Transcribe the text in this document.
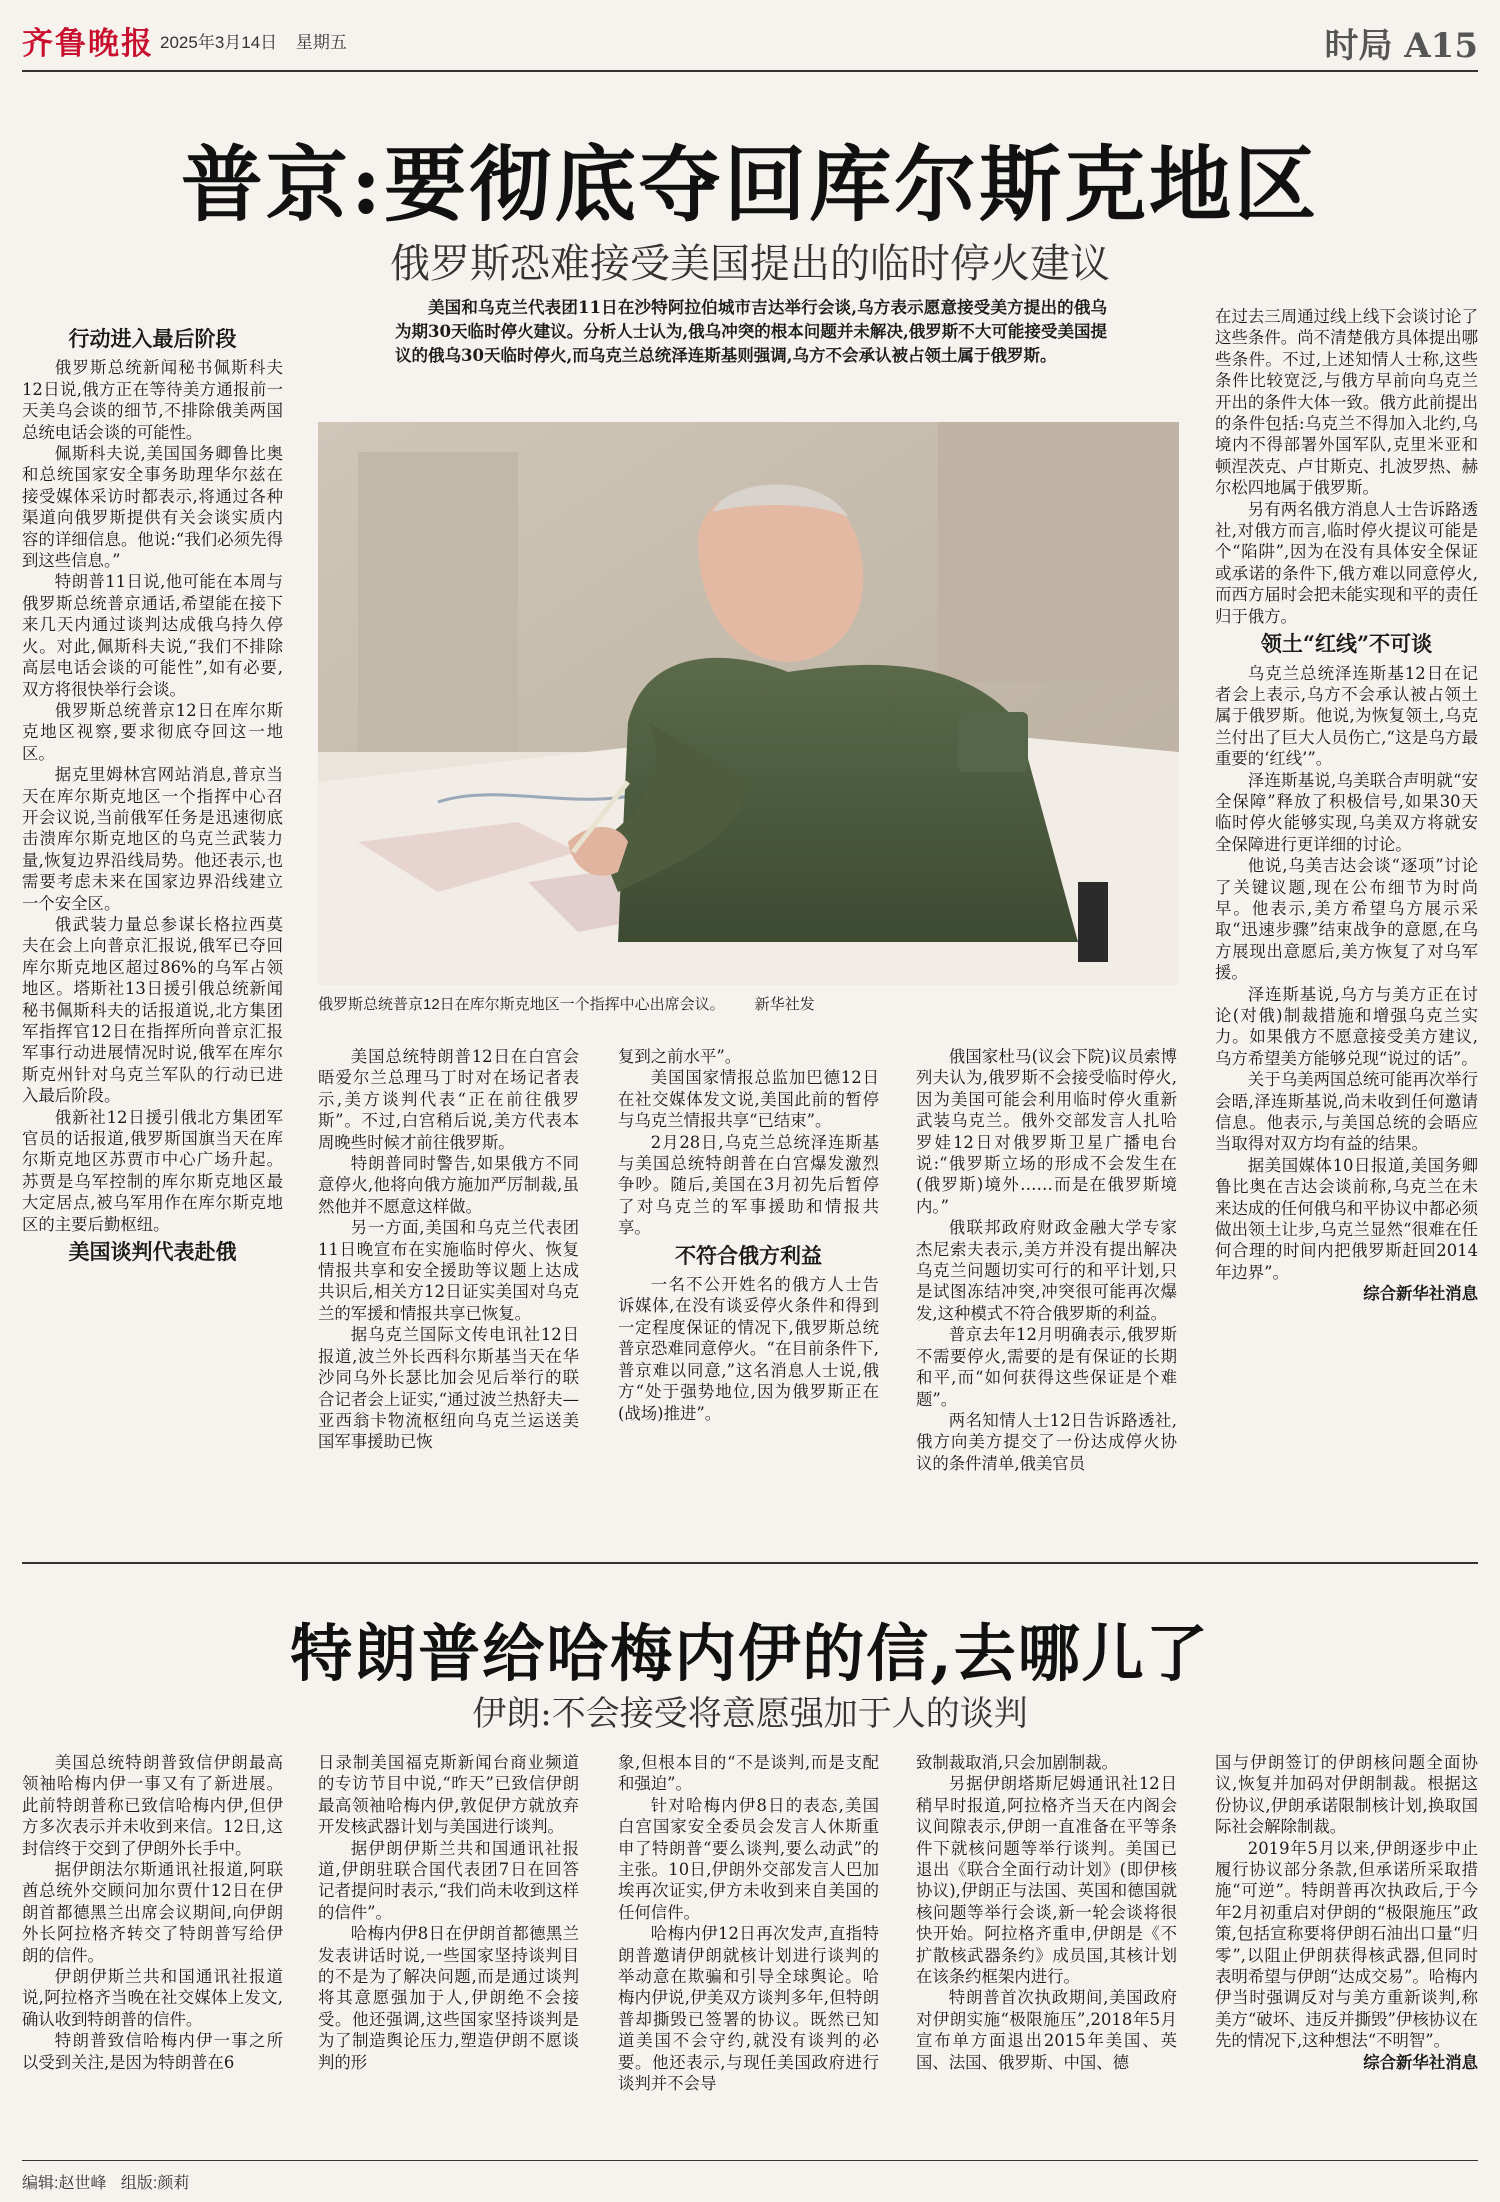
齐鲁晚报 2025年3月14日 星期五	时局 A15
普京:要彻底夺回库尔斯克地区
俄罗斯恐难接受美国提出的临时停火建议

美国和乌克兰代表团11日在沙特阿拉伯城市吉达举行会谈,乌方表示愿意接受美方提出的俄乌为期30天临时停火建议。分析人士认为,俄乌冲突的根本问题并未解决,俄罗斯不大可能接受美国提议的俄乌30天临时停火,而乌克兰总统泽连斯基则强调,乌方不会承认被占领土属于俄罗斯。

俄罗斯总统普京12日在库尔斯克地区一个指挥中心出席会议。 新华社发
行动进入最后阶段

俄罗斯总统新闻秘书佩斯科夫12日说,俄方正在等待美方通报前一天美乌会谈的细节,不排除俄美两国总统电话会谈的可能性。

佩斯科夫说,美国国务卿鲁比奥和总统国家安全事务助理华尔兹在接受媒体采访时都表示,将通过各种渠道向俄罗斯提供有关会谈实质内容的详细信息。他说:“我们必须先得到这些信息。”

特朗普11日说,他可能在本周与俄罗斯总统普京通话,希望能在接下来几天内通过谈判达成俄乌持久停火。对此,佩斯科夫说,“我们不排除高层电话会谈的可能性”,如有必要,双方将很快举行会谈。

俄罗斯总统普京12日在库尔斯克地区视察,要求彻底夺回这一地区。

据克里姆林宫网站消息,普京当天在库尔斯克地区一个指挥中心召开会议说,当前俄军任务是迅速彻底击溃库尔斯克地区的乌克兰武装力量,恢复边界沿线局势。他还表示,也需要考虑未来在国家边界沿线建立一个安全区。

俄武装力量总参谋长格拉西莫夫在会上向普京汇报说,俄军已夺回库尔斯克地区超过86%的乌军占领地区。塔斯社13日援引俄总统新闻秘书佩斯科夫的话报道说,北方集团军指挥官12日在指挥所向普京汇报军事行动进展情况时说,俄军在库尔斯克州针对乌克兰军队的行动已进入最后阶段。

俄新社12日援引俄北方集团军官员的话报道,俄罗斯国旗当天在库尔斯克地区苏贾市中心广场升起。苏贾是乌军控制的库尔斯克地区最大定居点,被乌军用作在库尔斯克地区的主要后勤枢纽。

美国谈判代表赴俄

美国总统特朗普12日在白宫会晤爱尔兰总理马丁时对在场记者表示,美方谈判代表“正在前往俄罗斯”。不过,白宫稍后说,美方代表本周晚些时候才前往俄罗斯。

特朗普同时警告,如果俄方不同意停火,他将向俄方施加严厉制裁,虽然他并不愿意这样做。

另一方面,美国和乌克兰代表团11日晚宣布在实施临时停火、恢复情报共享和安全援助等议题上达成共识后,相关方12日证实美国对乌克兰的军援和情报共享已恢复。

据乌克兰国际文传电讯社12日报道,波兰外长西科尔斯基当天在华沙同乌外长瑟比加会见后举行的联合记者会上证实,“通过波兰热舒夫—亚西翁卡物流枢纽向乌克兰运送美国军事援助已恢

复到之前水平”。

美国国家情报总监加巴德12日在社交媒体发文说,美国此前的暂停与乌克兰情报共享“已结束”。

2月28日,乌克兰总统泽连斯基与美国总统特朗普在白宫爆发激烈争吵。随后,美国在3月初先后暂停了对乌克兰的军事援助和情报共享。

不符合俄方利益

一名不公开姓名的俄方人士告诉媒体,在没有谈妥停火条件和得到一定程度保证的情况下,俄罗斯总统普京恐难同意停火。“在目前条件下,普京难以同意,”这名消息人士说,俄方“处于强势地位,因为俄罗斯正在(战场)推进”。

俄国家杜马(议会下院)议员索博列夫认为,俄罗斯不会接受临时停火,因为美国可能会利用临时停火重新武装乌克兰。俄外交部发言人扎哈罗娃12日对俄罗斯卫星广播电台说:“俄罗斯立场的形成不会发生在(俄罗斯)境外……而是在俄罗斯境内。”

俄联邦政府财政金融大学专家杰尼索夫表示,美方并没有提出解决乌克兰问题切实可行的和平计划,只是试图冻结冲突,冲突很可能再次爆发,这种模式不符合俄罗斯的利益。

普京去年12月明确表示,俄罗斯不需要停火,需要的是有保证的长期和平,而“如何获得这些保证是个难题”。

两名知情人士12日告诉路透社,俄方向美方提交了一份达成停火协议的条件清单,俄美官员

在过去三周通过线上线下会谈讨论了这些条件。尚不清楚俄方具体提出哪些条件。不过,上述知情人士称,这些条件比较宽泛,与俄方早前向乌克兰开出的条件大体一致。俄方此前提出的条件包括:乌克兰不得加入北约,乌境内不得部署外国军队,克里米亚和顿涅茨克、卢甘斯克、扎波罗热、赫尔松四地属于俄罗斯。

另有两名俄方消息人士告诉路透社,对俄方而言,临时停火提议可能是个“陷阱”,因为在没有具体安全保证或承诺的条件下,俄方难以同意停火,而西方届时会把未能实现和平的责任归于俄方。

领土“红线”不可谈

乌克兰总统泽连斯基12日在记者会上表示,乌方不会承认被占领土属于俄罗斯。他说,为恢复领土,乌克兰付出了巨大人员伤亡,“这是乌方最重要的‘红线’”。

泽连斯基说,乌美联合声明就“安全保障”释放了积极信号,如果30天临时停火能够实现,乌美双方将就安全保障进行更详细的讨论。

他说,乌美吉达会谈“逐项”讨论了关键议题,现在公布细节为时尚早。他表示,美方希望乌方展示采取“迅速步骤”结束战争的意愿,在乌方展现出意愿后,美方恢复了对乌军援。

泽连斯基说,乌方与美方正在讨论(对俄)制裁措施和增强乌克兰实力。如果俄方不愿意接受美方建议,乌方希望美方能够兑现“说过的话”。

关于乌美两国总统可能再次举行会晤,泽连斯基说,尚未收到任何邀请信息。他表示,与美国总统的会晤应当取得对双方均有益的结果。

据美国媒体10日报道,美国务卿鲁比奥在吉达会谈前称,乌克兰在未来达成的任何俄乌和平协议中都必须做出领土让步,乌克兰显然“很难在任何合理的时间内把俄罗斯赶回2014年边界”。

综合新华社消息

特朗普给哈梅内伊的信,去哪儿了
伊朗:不会接受将意愿强加于人的谈判

美国总统特朗普致信伊朗最高领袖哈梅内伊一事又有了新进展。此前特朗普称已致信哈梅内伊,但伊方多次表示并未收到来信。12日,这封信终于交到了伊朗外长手中。

据伊朗法尔斯通讯社报道,阿联酋总统外交顾问加尔贾什12日在伊朗首都德黑兰出席会议期间,向伊朗外长阿拉格齐转交了特朗普写给伊朗的信件。

伊朗伊斯兰共和国通讯社报道说,阿拉格齐当晚在社交媒体上发文,确认收到特朗普的信件。

特朗普致信哈梅内伊一事之所以受到关注,是因为特朗普在6

日录制美国福克斯新闻台商业频道的专访节目中说,“昨天”已致信伊朗最高领袖哈梅内伊,敦促伊方就放弃开发核武器计划与美国进行谈判。

据伊朗伊斯兰共和国通讯社报道,伊朗驻联合国代表团7日在回答记者提问时表示,“我们尚未收到这样的信件”。

哈梅内伊8日在伊朗首都德黑兰发表讲话时说,一些国家坚持谈判目的不是为了解决问题,而是通过谈判将其意愿强加于人,伊朗绝不会接受。他还强调,这些国家坚持谈判是为了制造舆论压力,塑造伊朗不愿谈判的形

象,但根本目的“不是谈判,而是支配和强迫”。

针对哈梅内伊8日的表态,美国白宫国家安全委员会发言人休斯重申了特朗普“要么谈判,要么动武”的主张。10日,伊朗外交部发言人巴加埃再次证实,伊方未收到来自美国的任何信件。

哈梅内伊12日再次发声,直指特朗普邀请伊朗就核计划进行谈判的举动意在欺骗和引导全球舆论。哈梅内伊说,伊美双方谈判多年,但特朗普却撕毁已签署的协议。既然已知道美国不会守约,就没有谈判的必要。他还表示,与现任美国政府进行谈判并不会导

致制裁取消,只会加剧制裁。

另据伊朗塔斯尼姆通讯社12日稍早时报道,阿拉格齐当天在内阁会议间隙表示,伊朗一直准备在平等条件下就核问题等举行谈判。美国已退出《联合全面行动计划》(即伊核协议),伊朗正与法国、英国和德国就核问题等举行会谈,新一轮会谈将很快开始。阿拉格齐重申,伊朗是《不扩散核武器条约》成员国,其核计划在该条约框架内进行。

特朗普首次执政期间,美国政府对伊朗实施“极限施压”,2018年5月宣布单方面退出2015年美国、英国、法国、俄罗斯、中国、德

国与伊朗签订的伊朗核问题全面协议,恢复并加码对伊朗制裁。根据这份协议,伊朗承诺限制核计划,换取国际社会解除制裁。

2019年5月以来,伊朗逐步中止履行协议部分条款,但承诺所采取措施“可逆”。特朗普再次执政后,于今年2月初重启对伊朗的“极限施压”政策,包括宣称要将伊朗石油出口量“归零”,以阻止伊朗获得核武器,但同时表明希望与伊朗“达成交易”。哈梅内伊当时强调反对与美方重新谈判,称美方“破坏、违反并撕毁”伊核协议在先的情况下,这种想法“不明智”。

综合新华社消息

编辑:赵世峰 组版:颜莉
